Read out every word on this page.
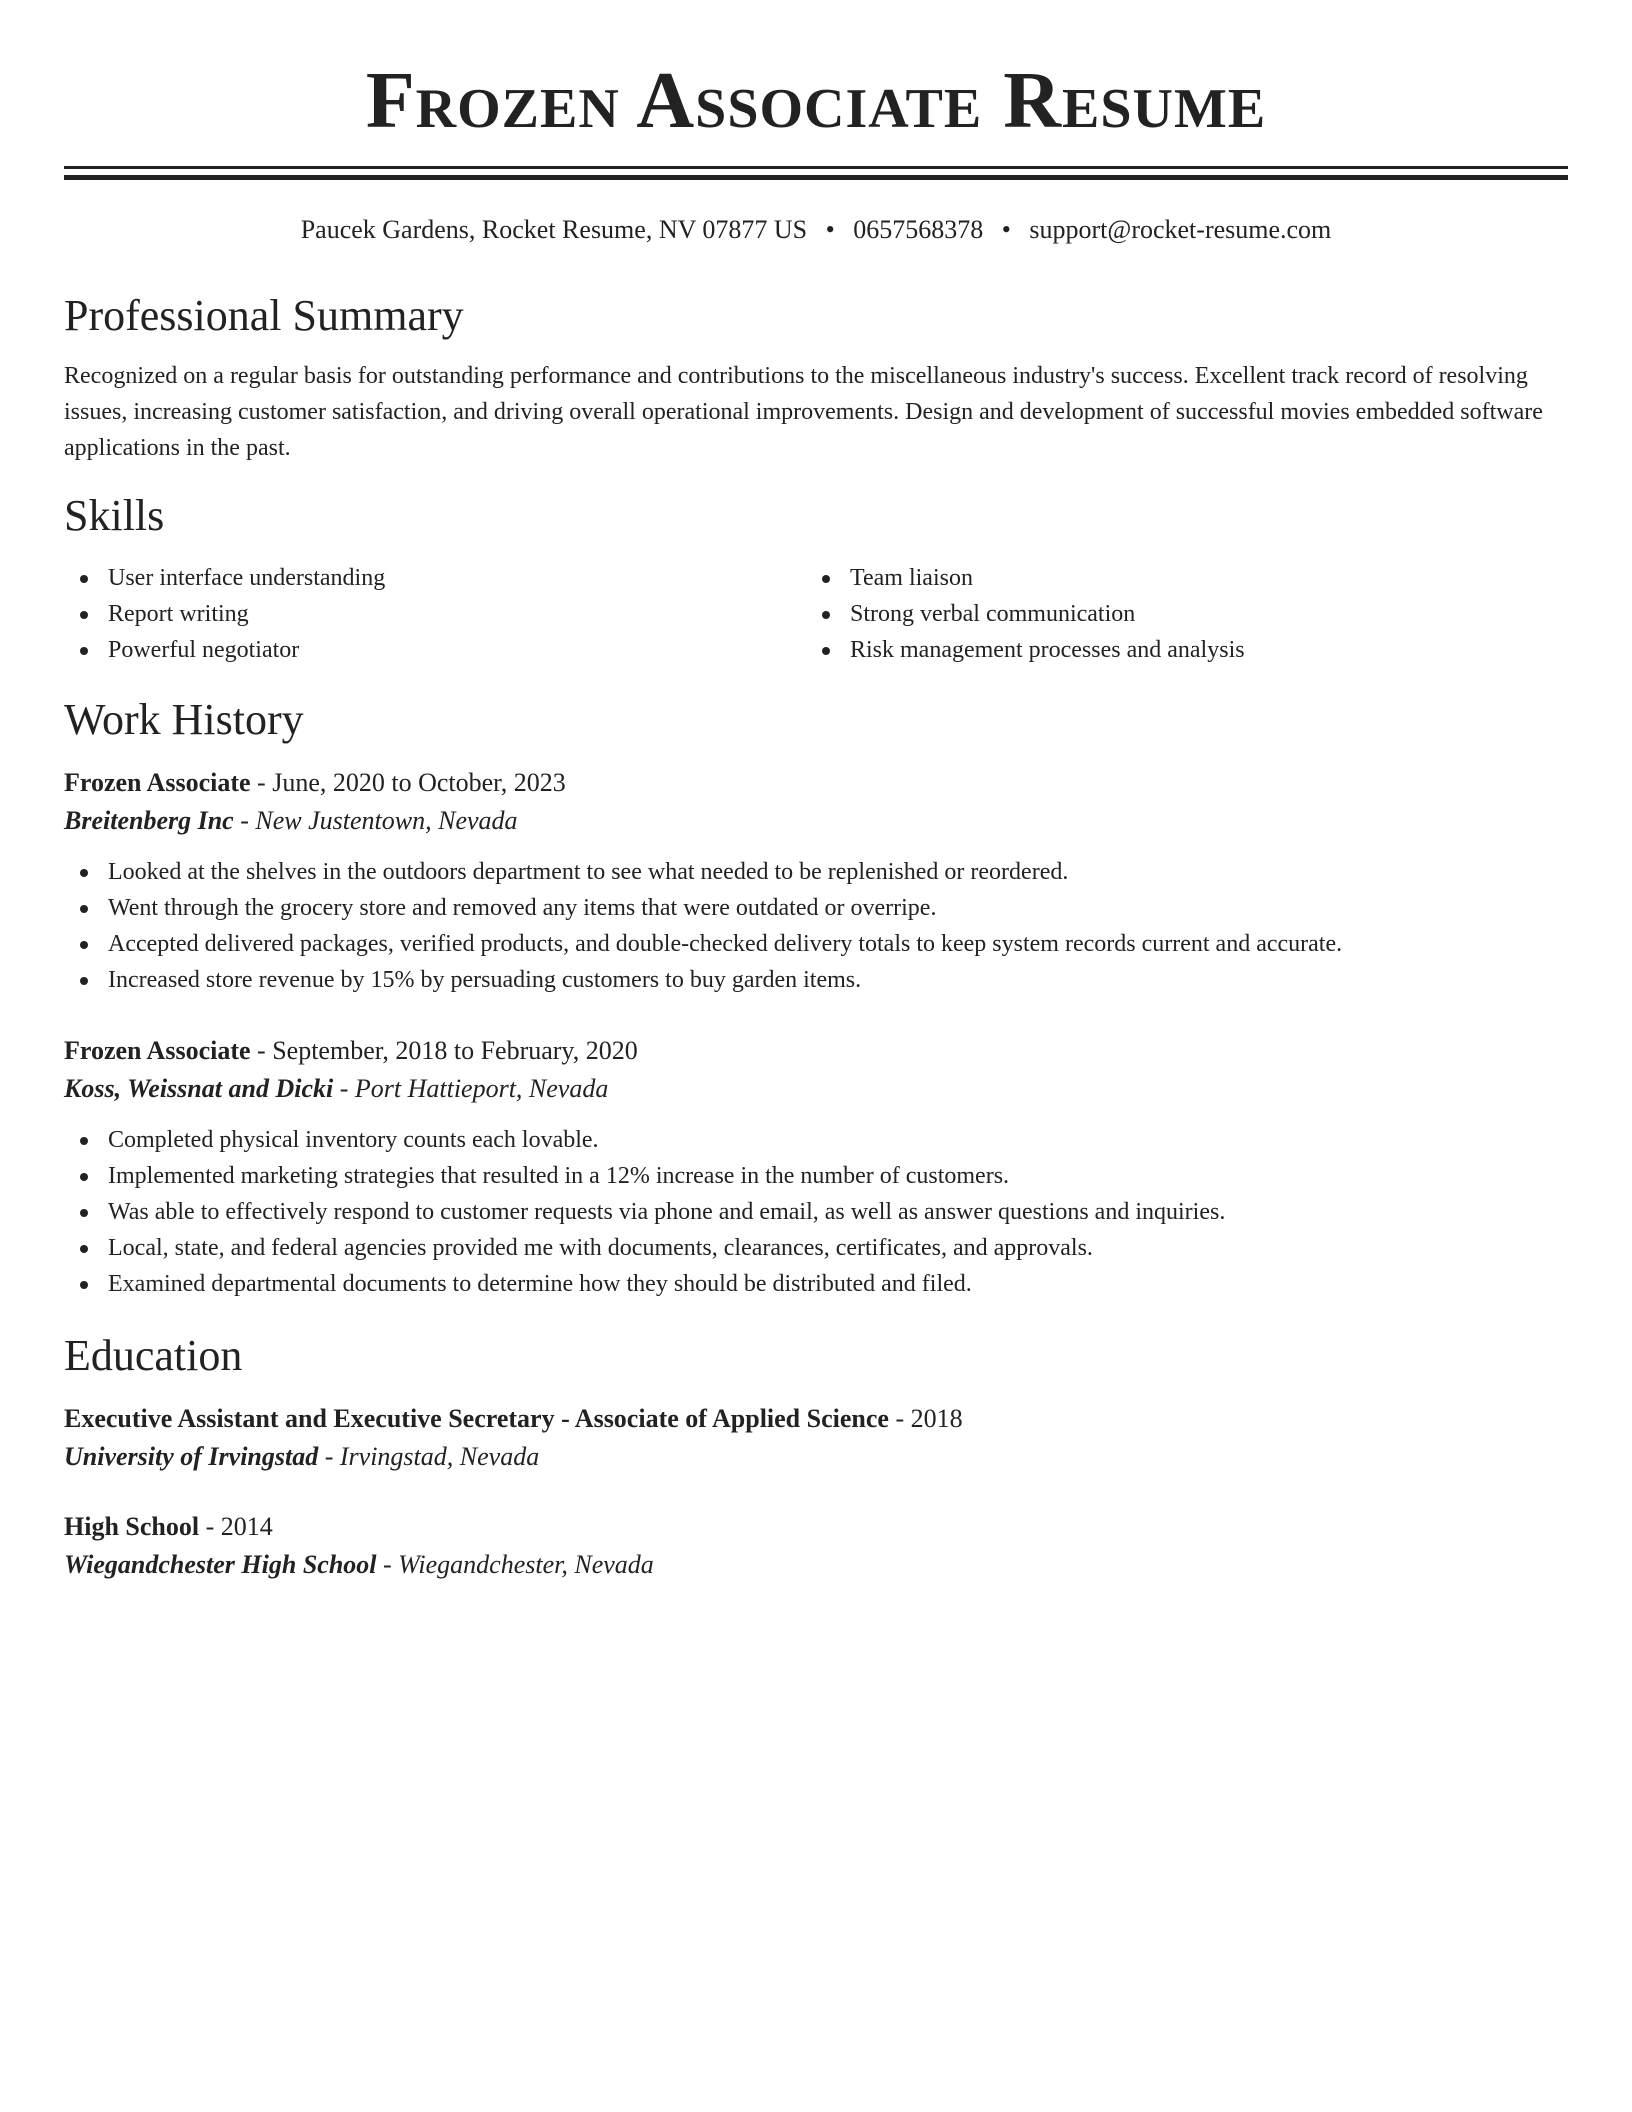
Frozen Associate Resume
Paucek Gardens, Rocket Resume, NV 07877 US • 0657568378 • support@rocket-resume.com
Professional Summary
Recognized on a regular basis for outstanding performance and contributions to the miscellaneous industry's success. Excellent track record of resolving issues, increasing customer satisfaction, and driving overall operational improvements. Design and development of successful movies embedded software applications in the past.
Skills
User interface understanding
Report writing
Powerful negotiator
Team liaison
Strong verbal communication
Risk management processes and analysis
Work History
Frozen Associate - June, 2020 to October, 2023
Breitenberg Inc - New Justentown, Nevada
Looked at the shelves in the outdoors department to see what needed to be replenished or reordered.
Went through the grocery store and removed any items that were outdated or overripe.
Accepted delivered packages, verified products, and double-checked delivery totals to keep system records current and accurate.
Increased store revenue by 15% by persuading customers to buy garden items.
Frozen Associate - September, 2018 to February, 2020
Koss, Weissnat and Dicki - Port Hattieport, Nevada
Completed physical inventory counts each lovable.
Implemented marketing strategies that resulted in a 12% increase in the number of customers.
Was able to effectively respond to customer requests via phone and email, as well as answer questions and inquiries.
Local, state, and federal agencies provided me with documents, clearances, certificates, and approvals.
Examined departmental documents to determine how they should be distributed and filed.
Education
Executive Assistant and Executive Secretary - Associate of Applied Science - 2018
University of Irvingstad - Irvingstad, Nevada
High School - 2014
Wiegandchester High School - Wiegandchester, Nevada
